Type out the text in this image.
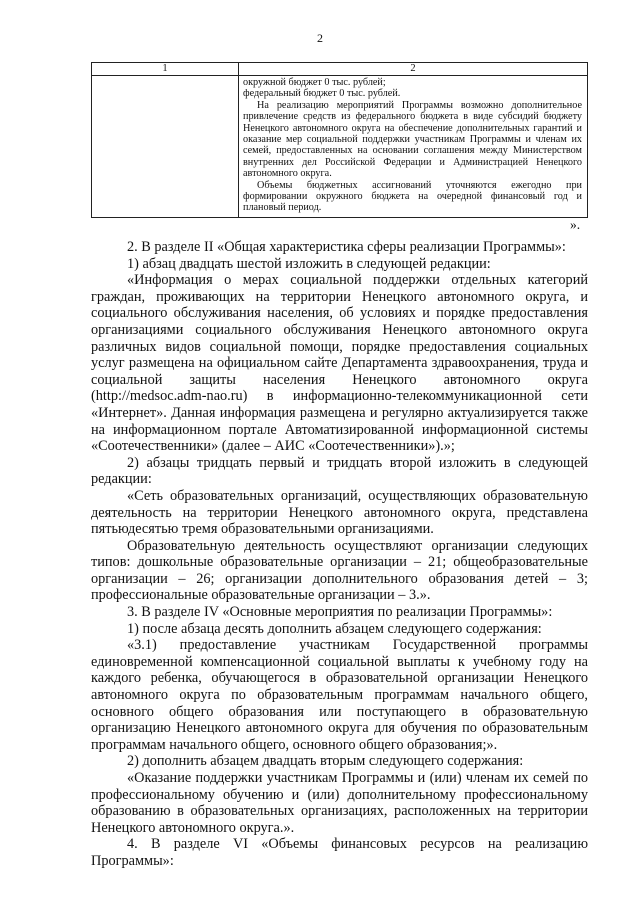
2
1	2

	окружной бюджет 0 тыс. рублей;

федеральный бюджет 0 тыс. рублей.

На реализацию мероприятий Программы возможно дополнительное привлечение средств из федерального бюджета в виде субсидий бюджету Ненецкого автономного округа на обеспечение дополнительных гарантий и оказание мер социальной поддержки участникам Программы и членам их семей, предоставленных на основании соглашения между Министерством внутренних дел Российской Федерации и Администрацией Ненецкого автономного округа.

Объемы бюджетных ассигнований уточняются ежегодно при формировании окружного бюджета на очередной финансовый год и плановый период.

».

2. В разделе II «Общая характеристика сферы реализации Программы»:

1) абзац двадцать шестой изложить в следующей редакции:

«Информация о мерах социальной поддержки отдельных категорий граждан, проживающих на территории Ненецкого автономного округа, и социального обслуживания населения, об условиях и порядке предоставления организациями социального обслуживания Ненецкого автономного округа различных видов социальной помощи, порядке предоставления социальных услуг размещена на официальном сайте Департамента здравоохранения, труда и социальной защиты населения Ненецкого автономного округа (http://medsoc.adm-nao.ru) в информационно-телекоммуникационной сети «Интернет». Данная информация размещена и регулярно актуализируется также на информационном портале Автоматизированной информационной системы «Соотечественники» (далее – АИС «Соотечественники»).»;

2) абзацы тридцать первый и тридцать второй изложить в следующей редакции:

«Сеть образовательных организаций, осуществляющих образовательную деятельность на территории Ненецкого автономного округа, представлена пятьюдесятью тремя образовательными организациями.

Образовательную деятельность осуществляют организации следующих типов: дошкольные образовательные организации – 21; общеобразовательные организации – 26; организации дополнительного образования детей – 3; профессиональные образовательные организации – 3.».

3. В разделе IV «Основные мероприятия по реализации Программы»:

1) после абзаца десять дополнить абзацем следующего содержания:

«3.1) предоставление участникам Государственной программы единовременной компенсационной социальной выплаты к учебному году на каждого ребенка, обучающегося в образовательной организации Ненецкого автономного округа по образовательным программам начального общего, основного общего образования или поступающего в образовательную организацию Ненецкого автономного округа для обучения по образовательным программам начального общего, основного общего образования;».

2) дополнить абзацем двадцать вторым следующего содержания:

«Оказание поддержки участникам Программы и (или) членам их семей по профессиональному обучению и (или) дополнительному профессиональному образованию в образовательных организациях, расположенных на территории Ненецкого автономного округа.».

4. В разделе VI «Объемы финансовых ресурсов на реализацию Программы»:
